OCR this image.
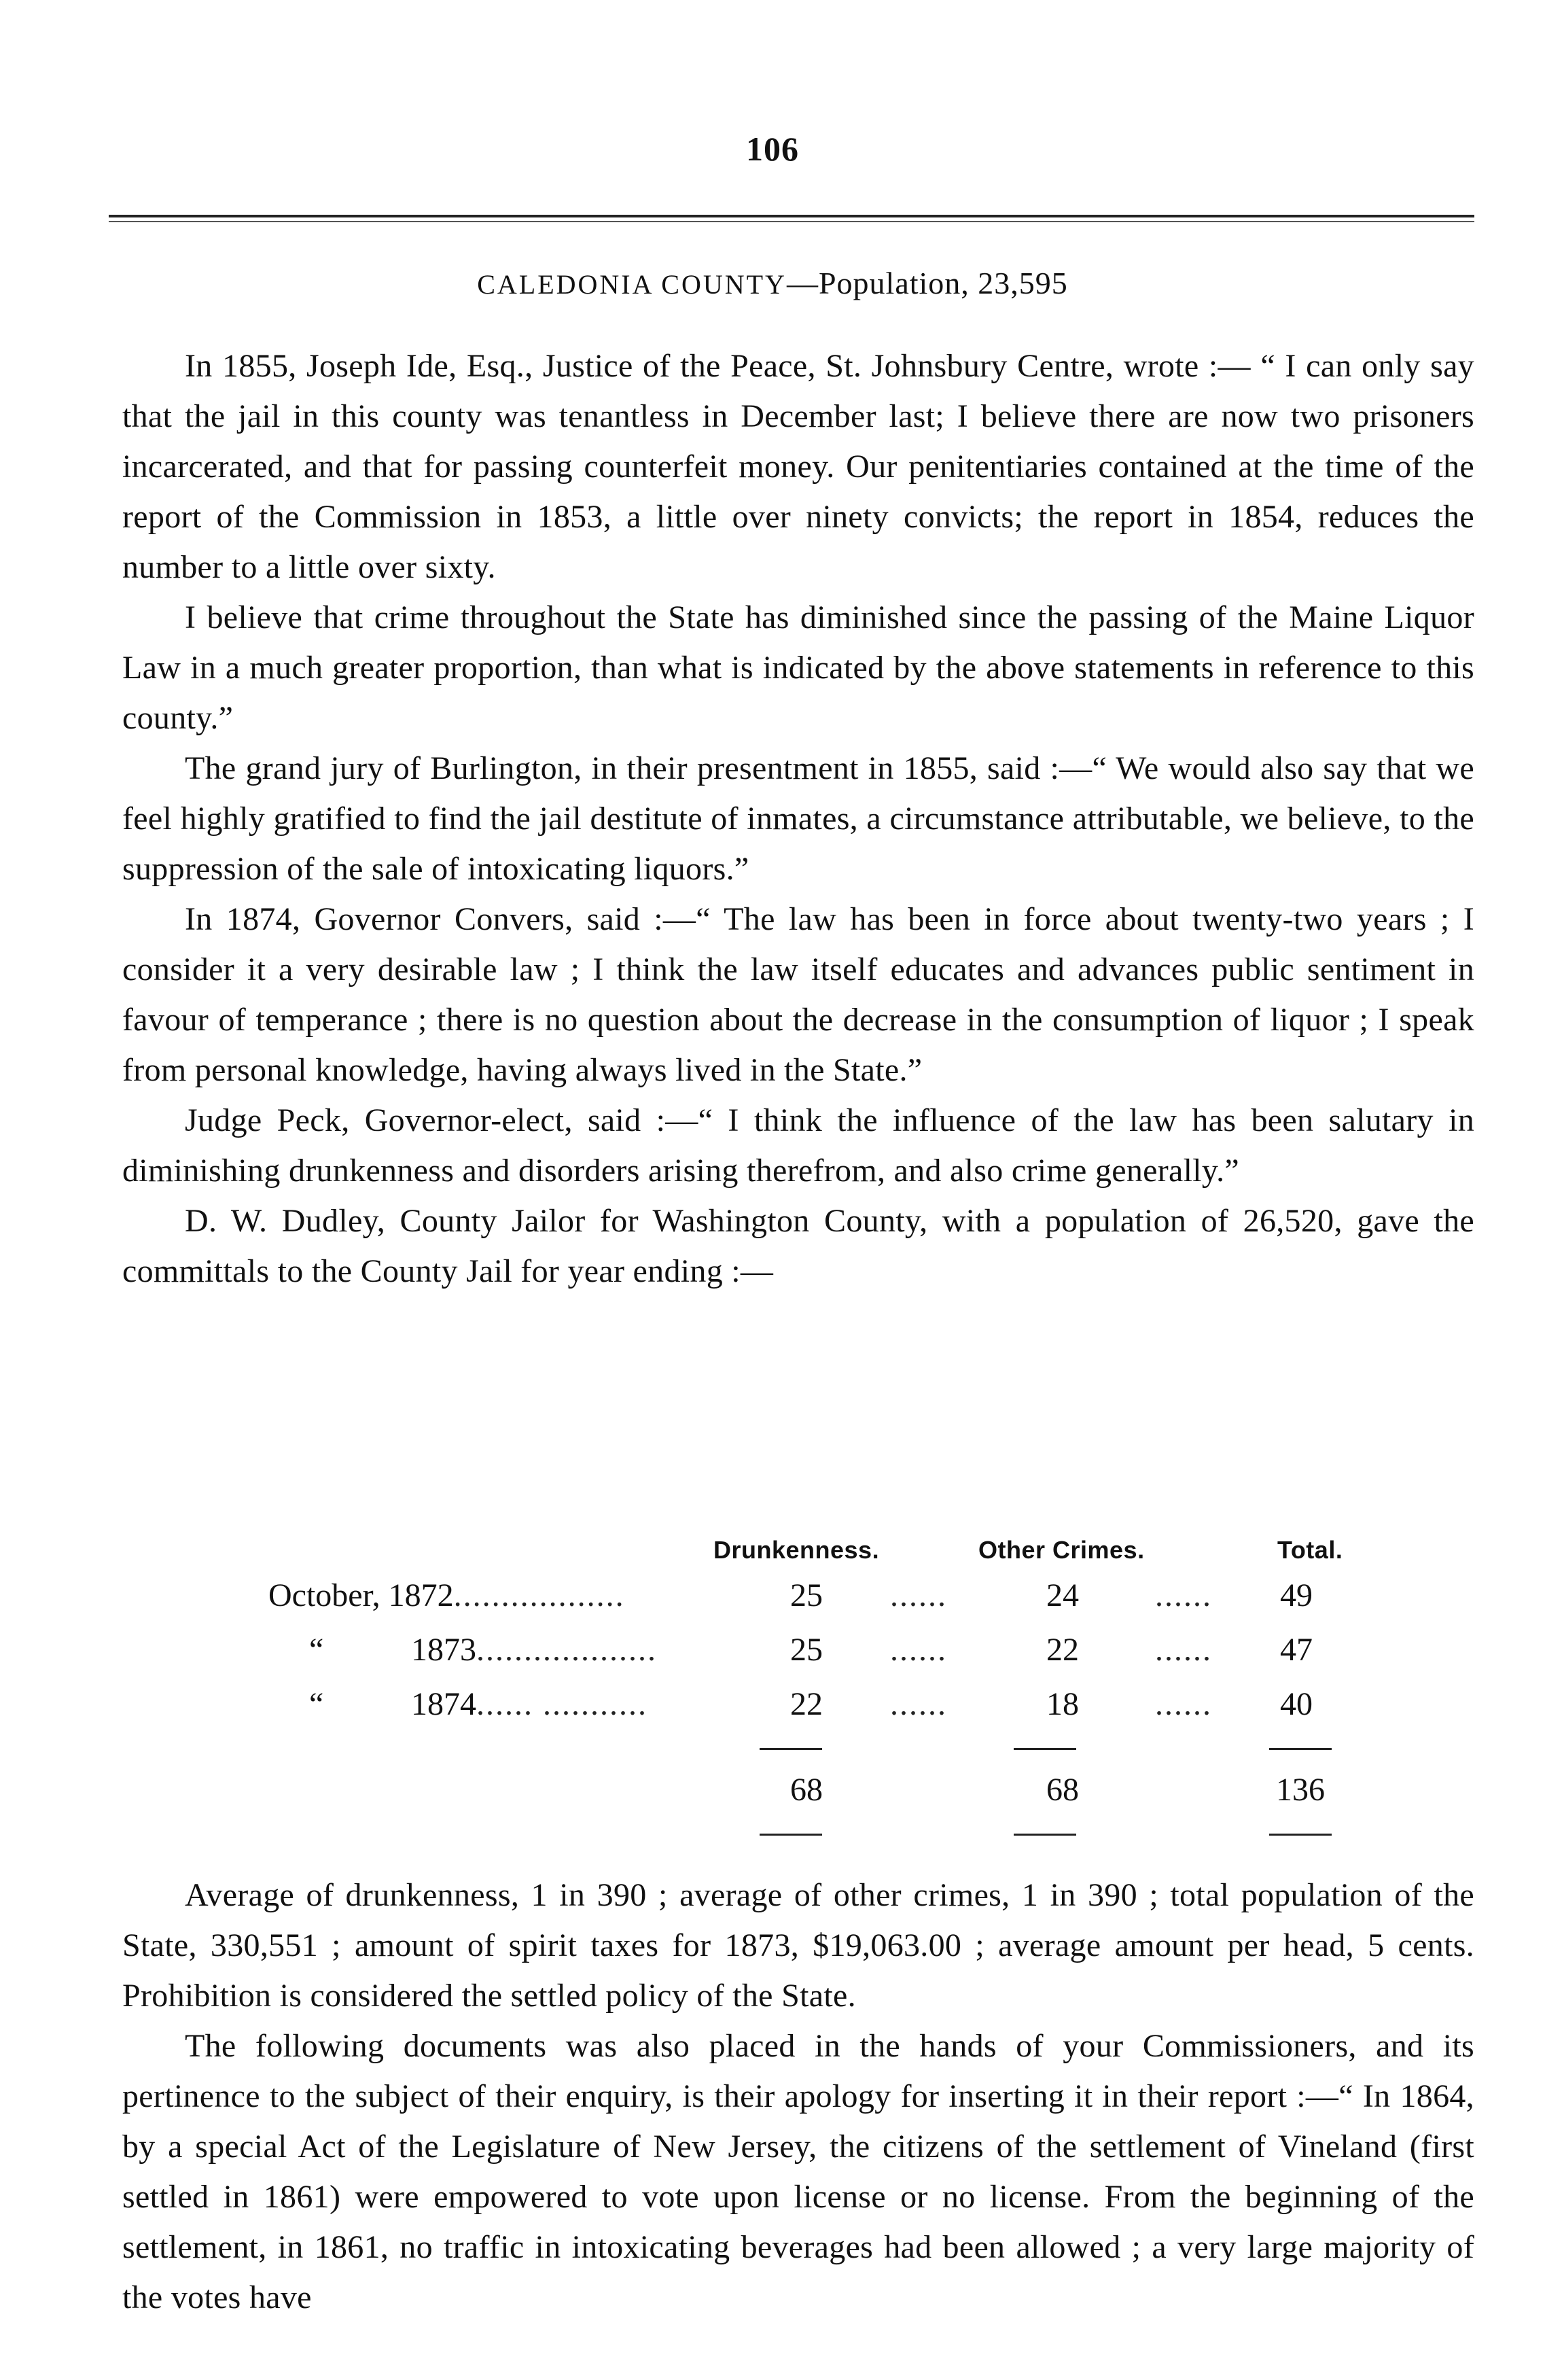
106
CALEDONIA COUNTY—Population, 23,595

In 1855, Joseph Ide, Esq., Justice of the Peace, St. Johnsbury Centre, wrote :— “ I can only say that the jail in this county was tenantless in December last; I believe there are now two prisoners incarcerated, and that for passing counterfeit money. Our penitentiaries contained at the time of the report of the Commission in 1853, a little over ninety convicts; the report in 1854, reduces the number to a little over sixty.

I believe that crime throughout the State has diminished since the passing of the Maine Liquor Law in a much greater proportion, than what is indicated by the above statements in reference to this county.”

The grand jury of Burlington, in their presentment in 1855, said :—“ We would also say that we feel highly gratified to find the jail destitute of inmates, a circumstance attributable, we believe, to the suppression of the sale of intoxicating liquors.”

In 1874, Governor Convers, said :—“ The law has been in force about twenty-two years ; I consider it a very desirable law ; I think the law itself educates and advances public sentiment in favour of temperance ; there is no question about the decrease in the consumption of liquor ; I speak from personal knowledge, having always lived in the State.”

Judge Peck, Governor-elect, said :—“ I think the influence of the law has been salutary in diminishing drunkenness and disorders arising therefrom, and also crime generally.”

D. W. Dudley, County Jailor for Washington County, with a population of 26,520, gave the committals to the County Jail for year ending :—

Drunkenness.	Other Crimes.	Total.
October, 1872..................	25 ......	24 ...... 49
“	1873...................	25 ......	22 ...... 47
“	1874...... ...........	22 ......	18 ...... 40
68	68	136

Average of drunkenness, 1 in 390 ; average of other crimes, 1 in 390 ; total population of the State, 330,551 ; amount of spirit taxes for 1873, $19,063.00 ; average amount per head, 5 cents. Prohibition is considered the settled policy of the State.

The following documents was also placed in the hands of your Commissioners, and its pertinence to the subject of their enquiry, is their apology for inserting it in their report :—“ In 1864, by a special Act of the Legislature of New Jersey, the citizens of the settlement of Vineland (first settled in 1861) were empowered to vote upon license or no license. From the beginning of the settlement, in 1861, no traffic in intoxicating beverages had been allowed ; a very large majority of the votes have
